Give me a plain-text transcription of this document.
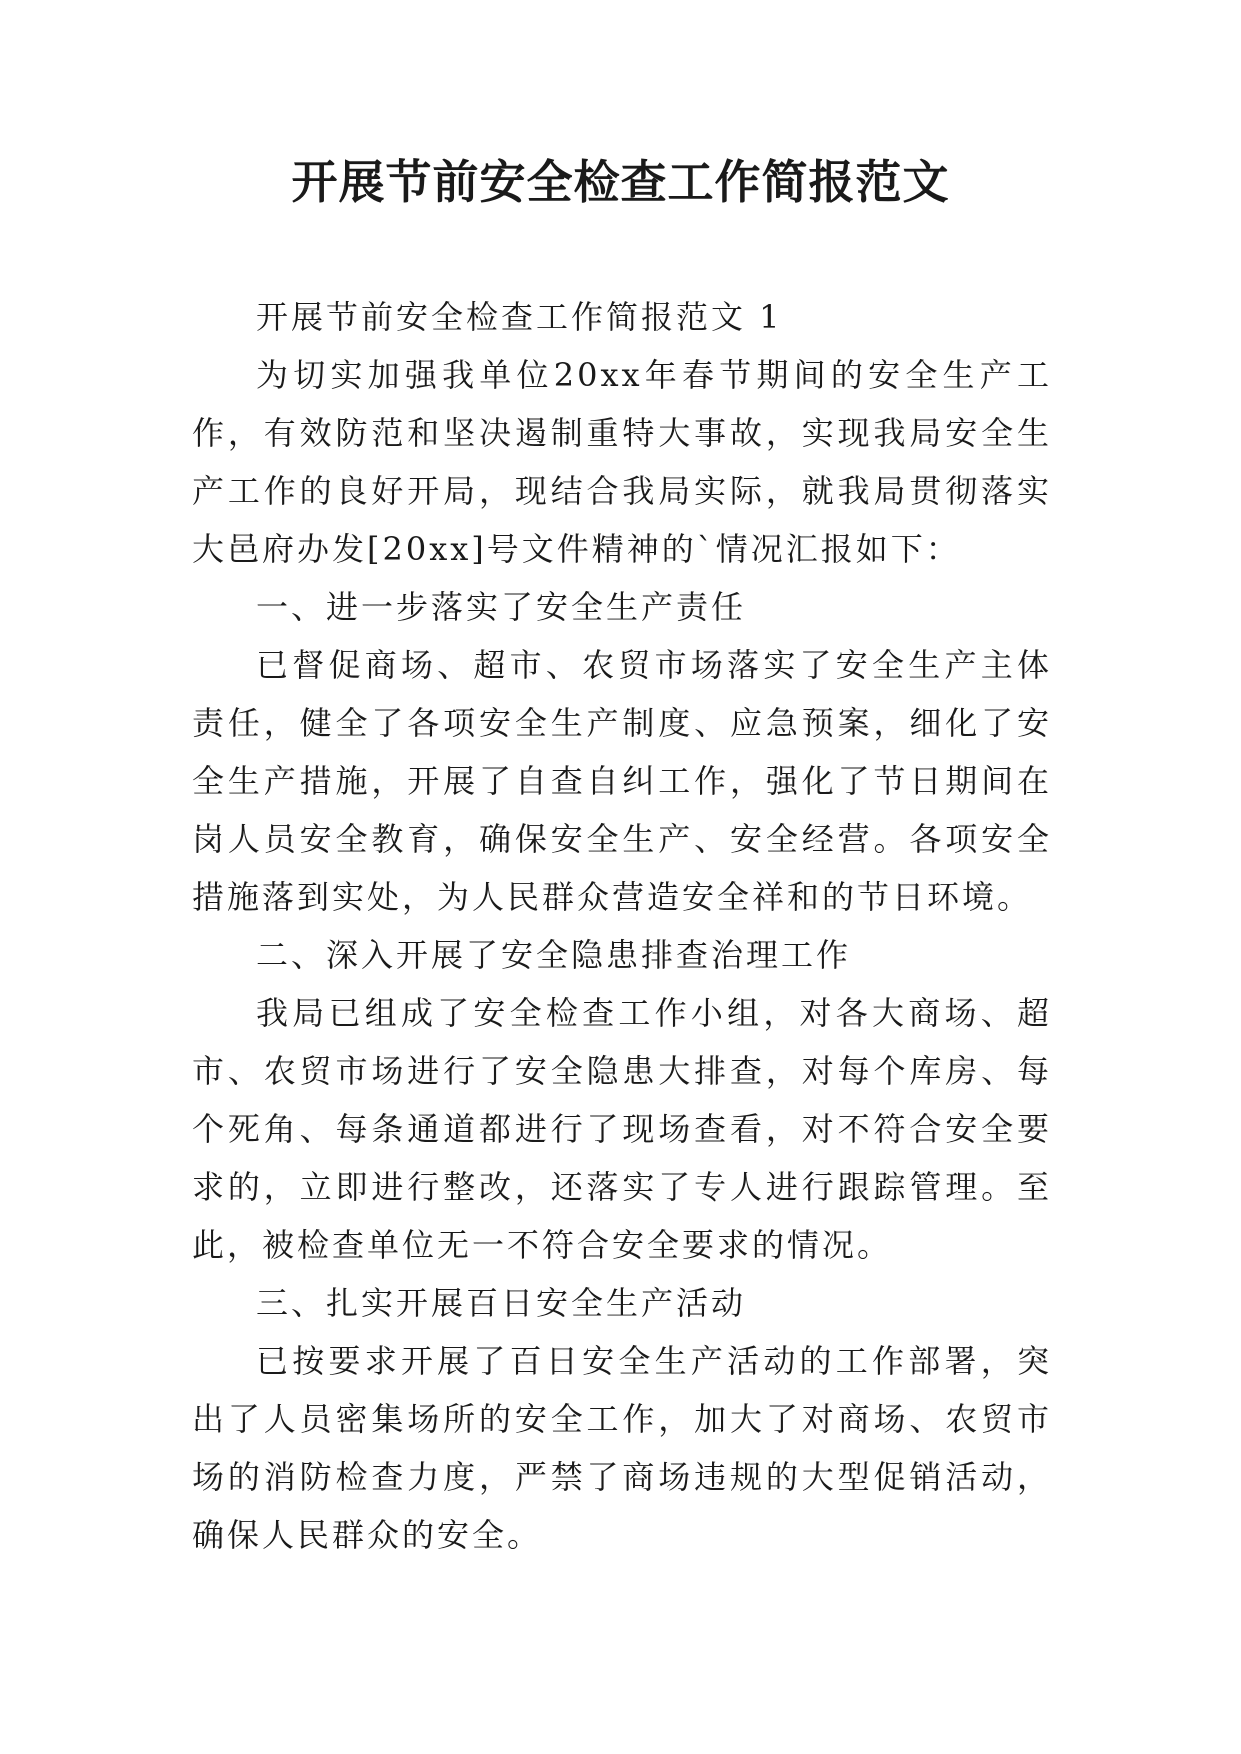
开展节前安全检查工作简报范文

开展节前安全检查工作简报范文 1

为切实加强我单位20xx年春节期间的安全生产工作，有效防范和坚决遏制重特大事故，实现我局安全生产工作的良好开局，现结合我局实际，就我局贯彻落实大邑府办发[20xx]号文件精神的`情况汇报如下：

一、进一步落实了安全生产责任

已督促商场、超市、农贸市场落实了安全生产主体责任，健全了各项安全生产制度、应急预案，细化了安全生产措施，开展了自查自纠工作，强化了节日期间在岗人员安全教育，确保安全生产、安全经营。各项安全措施落到实处，为人民群众营造安全祥和的节日环境。

二、深入开展了安全隐患排查治理工作

我局已组成了安全检查工作小组，对各大商场、超市、农贸市场进行了安全隐患大排查，对每个库房、每个死角、每条通道都进行了现场查看，对不符合安全要求的，立即进行整改，还落实了专人进行跟踪管理。至此，被检查单位无一不符合安全要求的情况。

三、扎实开展百日安全生产活动

已按要求开展了百日安全生产活动的工作部署，突出了人员密集场所的安全工作，加大了对商场、农贸市场的消防检查力度，严禁了商场违规的大型促销活动，确保人民群众的安全。
